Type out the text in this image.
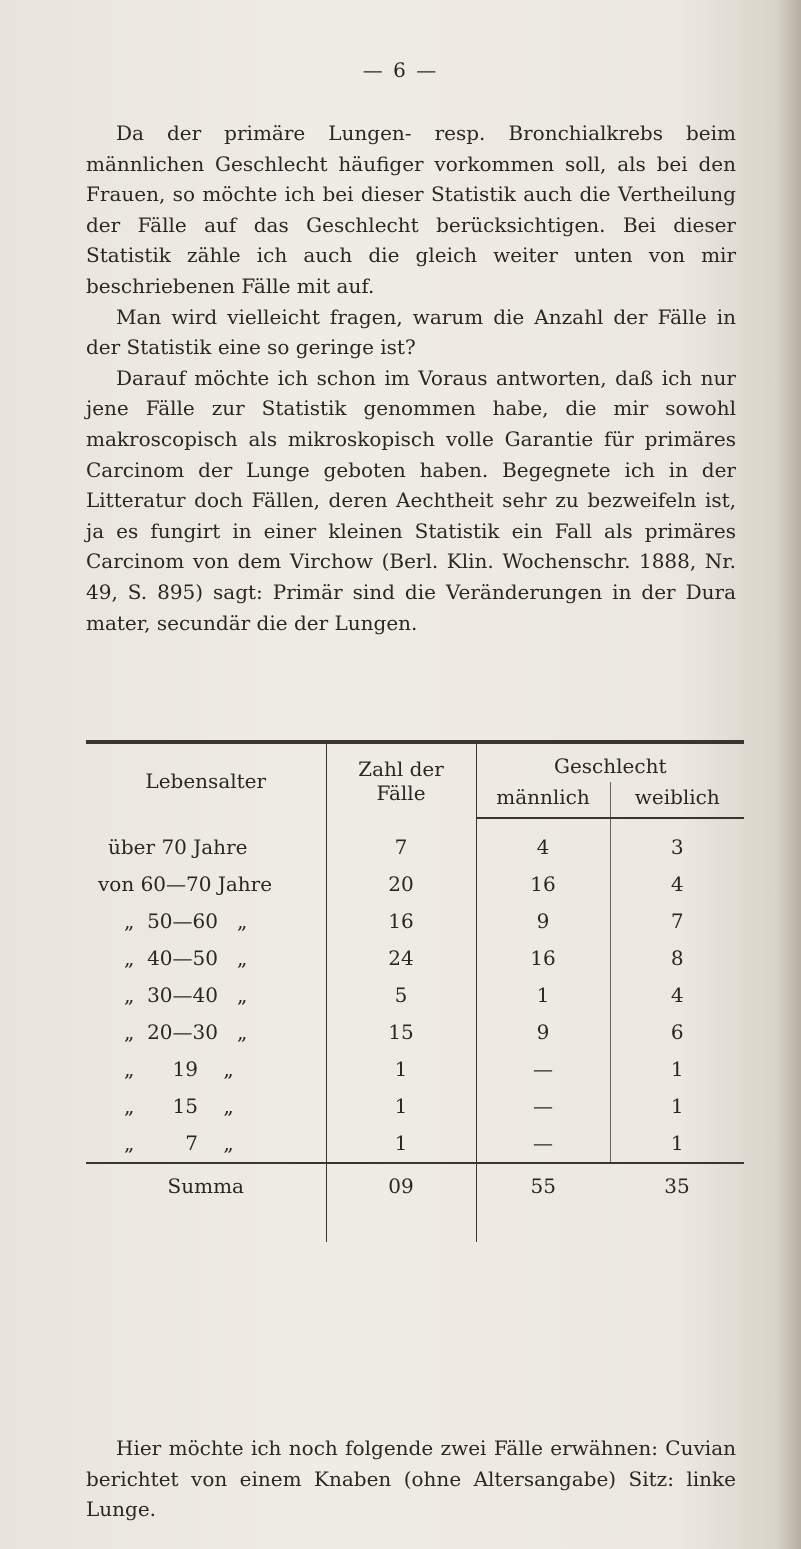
— 6 —

Da der primäre Lungen- resp. Bronchialkrebs beim männlichen Geschlecht häufiger vorkommen soll, als bei den Frauen, so möchte ich bei dieser Statistik auch die Vertheilung der Fälle auf das Geschlecht berücksichtigen. Bei dieser Statistik zähle ich auch die gleich weiter unten von mir beschriebenen Fälle mit auf.

Man wird vielleicht fragen, warum die Anzahl der Fälle in der Statistik eine so geringe ist?

Darauf möchte ich schon im Voraus antworten, daß ich nur jene Fälle zur Statistik genommen habe, die mir sowohl makroscopisch als mikroskopisch volle Garantie für primäres Carcinom der Lunge geboten haben. Begegnete ich in der Litteratur doch Fällen, deren Aechtheit sehr zu bezweifeln ist, ja es fungirt in einer kleinen Statistik ein Fall als primäres Carcinom von dem Virchow (Berl. Klin. Wochenschr. 1888, Nr. 49, S. 895) sagt: Primär sind die Veränderungen in der Dura mater, secundär die der Lungen.

Lebensalter	Zahl der Fälle	Geschlecht	
		männlich	weiblich
über 70 Jahre	7	4	3
von 60—70 Jahre	20	16	4
„  50—60   „	16	9	7
„  40—50   „	24	16	8
„  30—40   „	5	1	4
„  20—30   „	15	9	6
„      19    „	1	—	1
„      15    „	1	—	1
„        7    „	1	—	1
Summa	09	55	35

Hier möchte ich noch folgende zwei Fälle erwähnen: Cuvian berichtet von einem Knaben (ohne Altersangabe) Sitz: linke Lunge.
